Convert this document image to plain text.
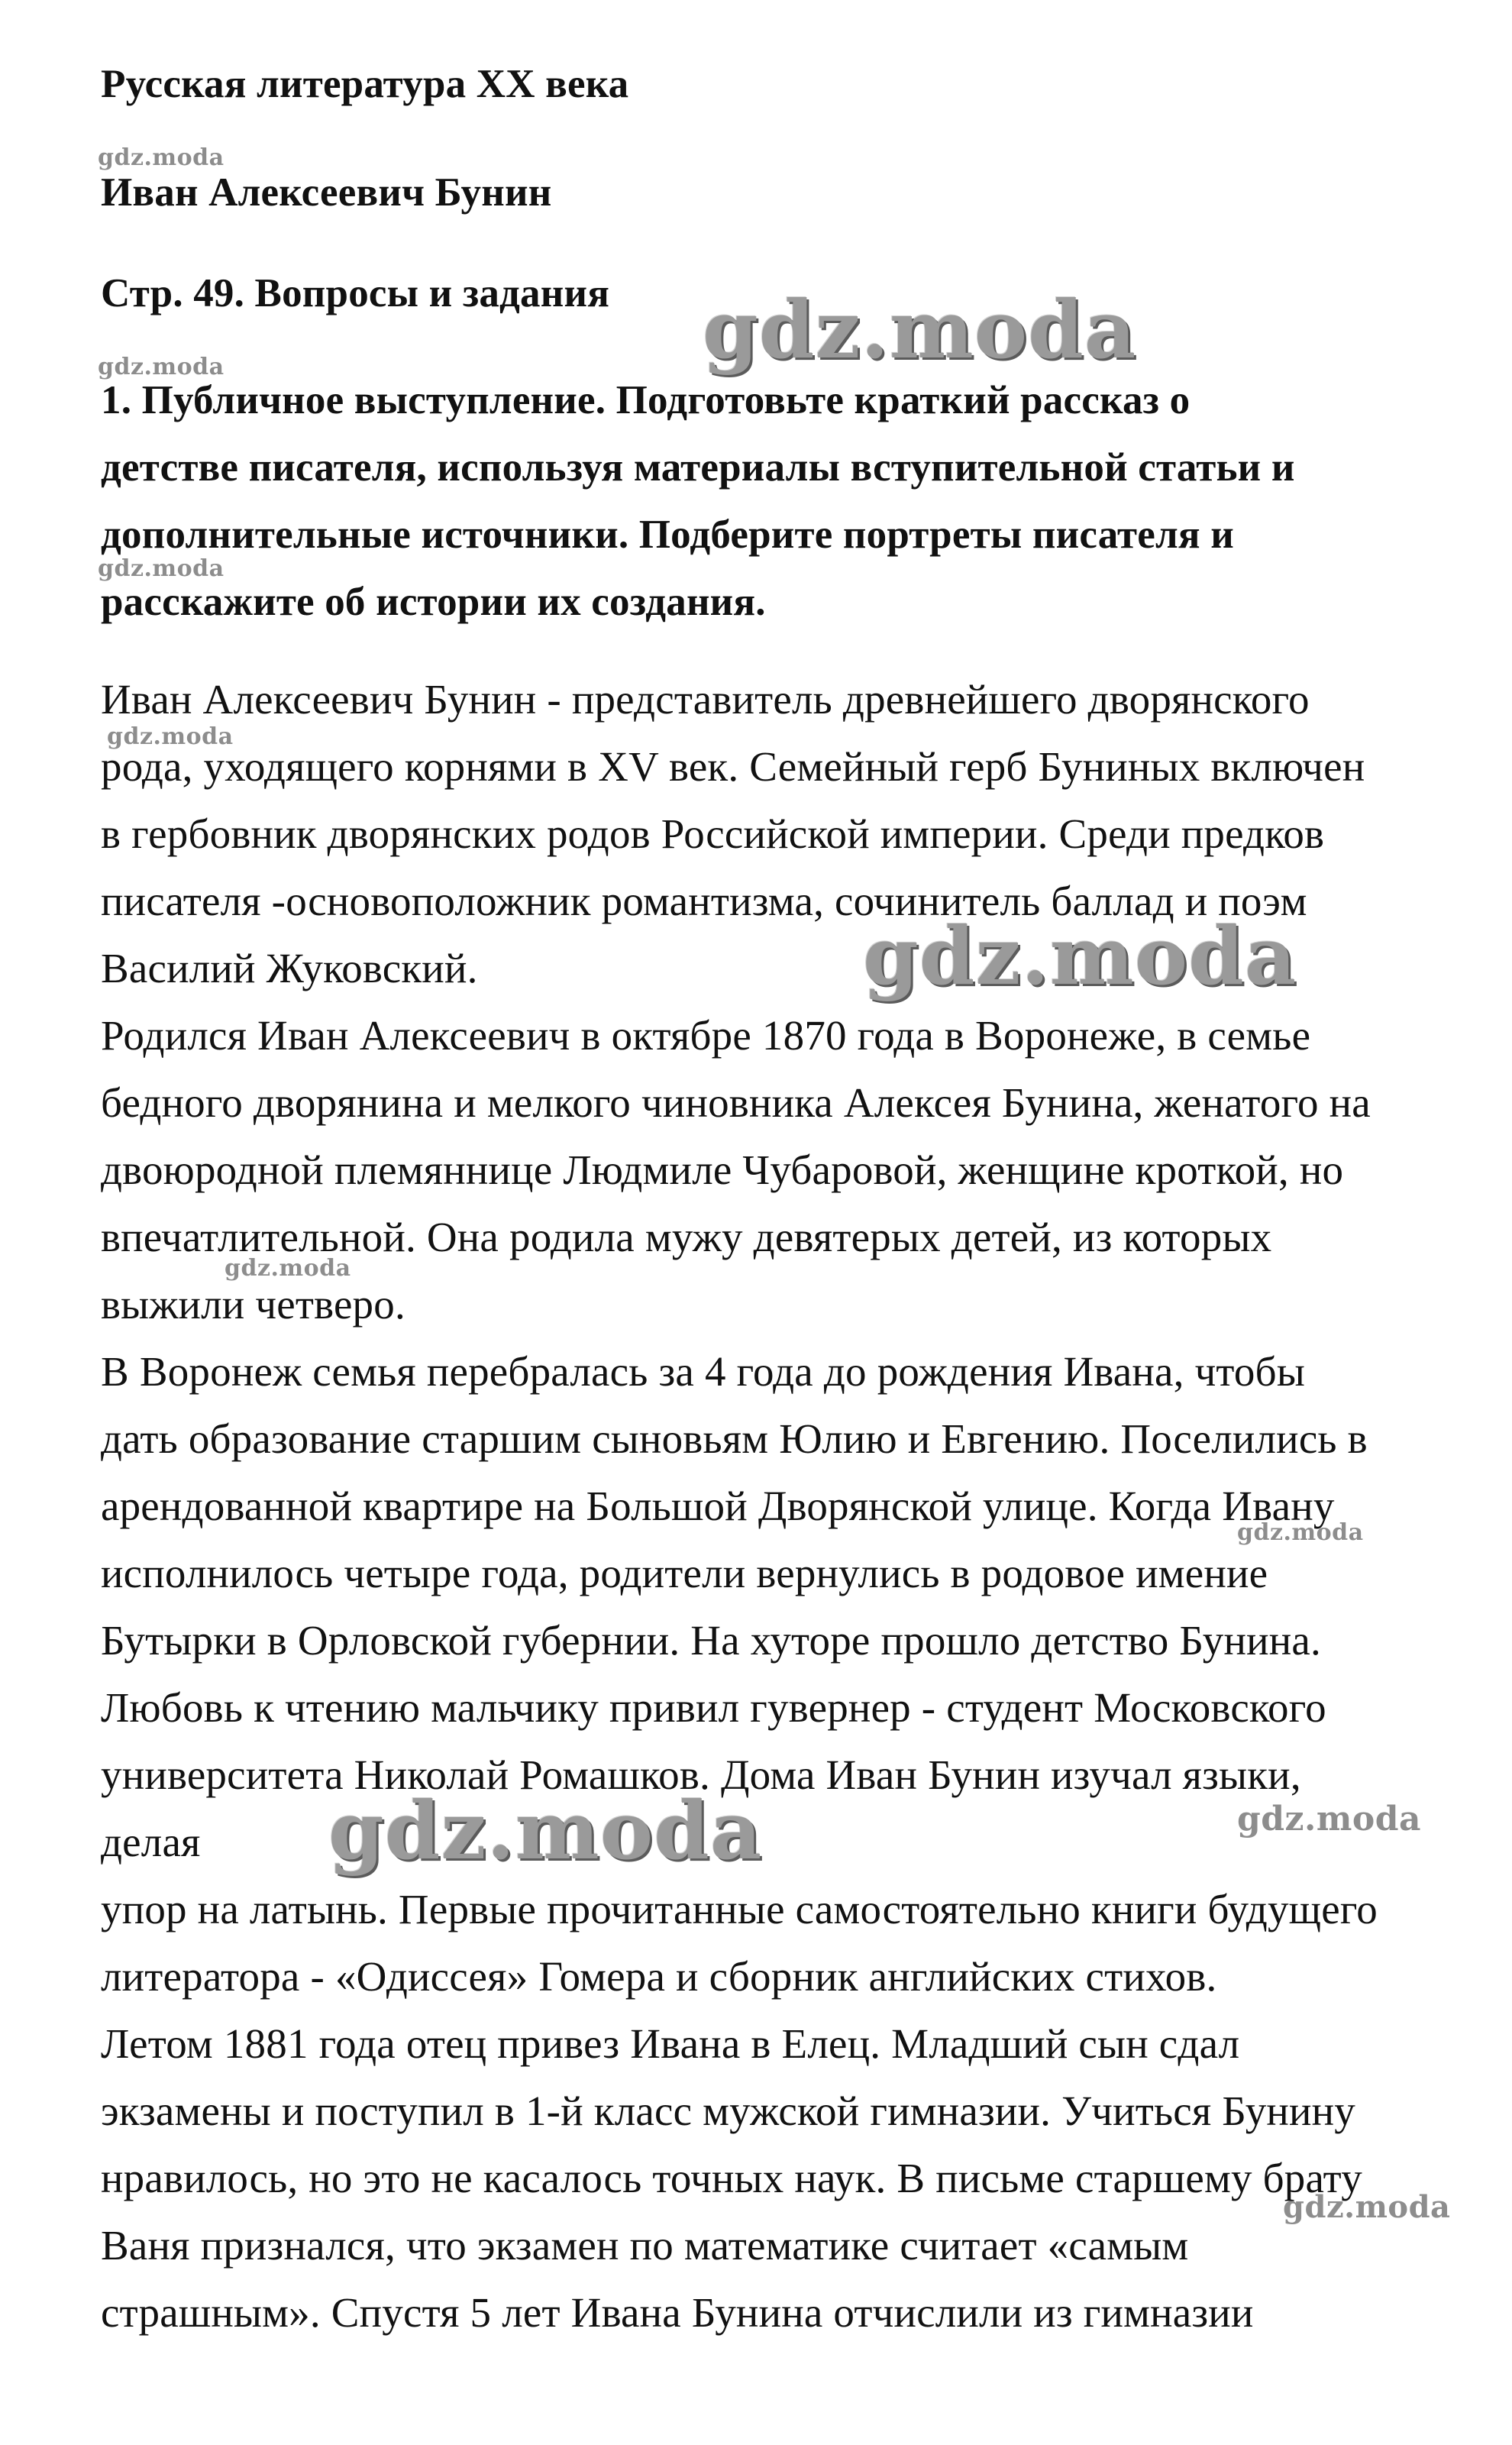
Русская литература XX века
Иван Алексеевич Бунин
Стр. 49. Вопросы и задания
1. Публичное выступление. Подготовьте краткий рассказ о
детстве писателя, используя материалы вступительной статьи и
дополнительные источники. Подберите портреты писателя и
расскажите об истории их создания.
Иван Алексеевич Бунин - представитель древнейшего дворянского
рода, уходящего корнями в XV век. Семейный герб Буниных включен
в гербовник дворянских родов Российской империи. Среди предков
писателя -основоположник романтизма, сочинитель баллад и поэм
Василий Жуковский.
Родился Иван Алексеевич в октябре 1870 года в Воронеже, в семье
бедного дворянина и мелкого чиновника Алексея Бунина, женатого на
двоюродной племяннице Людмиле Чубаровой, женщине кроткой, но
впечатлительной. Она родила мужу девятерых детей, из которых
выжили четверо.
В Воронеж семья перебралась за 4 года до рождения Ивана, чтобы
дать образование старшим сыновьям Юлию и Евгению. Поселились в
арендованной квартире на Большой Дворянской улице. Когда Ивану
исполнилось четыре года, родители вернулись в родовое имение
Бутырки в Орловской губернии. На хуторе прошло детство Бунина.
Любовь к чтению мальчику привил гувернер - студент Московского
университета Николай Ромашков. Дома Иван Бунин изучал языки,
делая
упор на латынь. Первые прочитанные самостоятельно книги будущего
литератора - «Одиссея» Гомера и сборник английских стихов.
Летом 1881 года отец привез Ивана в Елец. Младший сын сдал
экзамены и поступил в 1-й класс мужской гимназии. Учиться Бунину
нравилось, но это не касалось точных наук. В письме старшему брату
Ваня признался, что экзамен по математике считает «самым
страшным». Спустя 5 лет Ивана Бунина отчислили из гимназии
gdz.moda
gdz.moda
gdz.moda
gdz.moda
gdz.moda
gdz.moda
gdz.moda
gdz.moda
gdz.moda
gdz.moda
gdz.moda
